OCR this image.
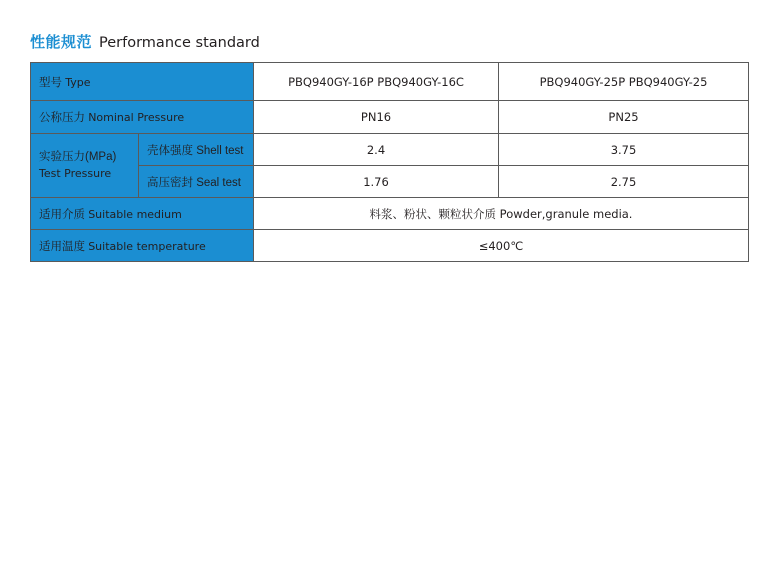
性能规范 Performance standard
型号 Type		PBQ940GY-16P PBQ940GY-16C	PBQ940GY-25P PBQ940GY-25
公称压力 Nominal Pressure		PN16	PN25
实验压力(MPa)
Test Pressure	壳体强度 Shell test	2.4	3.75
	高压密封 Seal test	1.76	2.75
适用介质 Suitable medium		料浆、粉状、颗粒状介质 Powder,granule media.	
适用温度 Suitable temperature		≤400℃	
